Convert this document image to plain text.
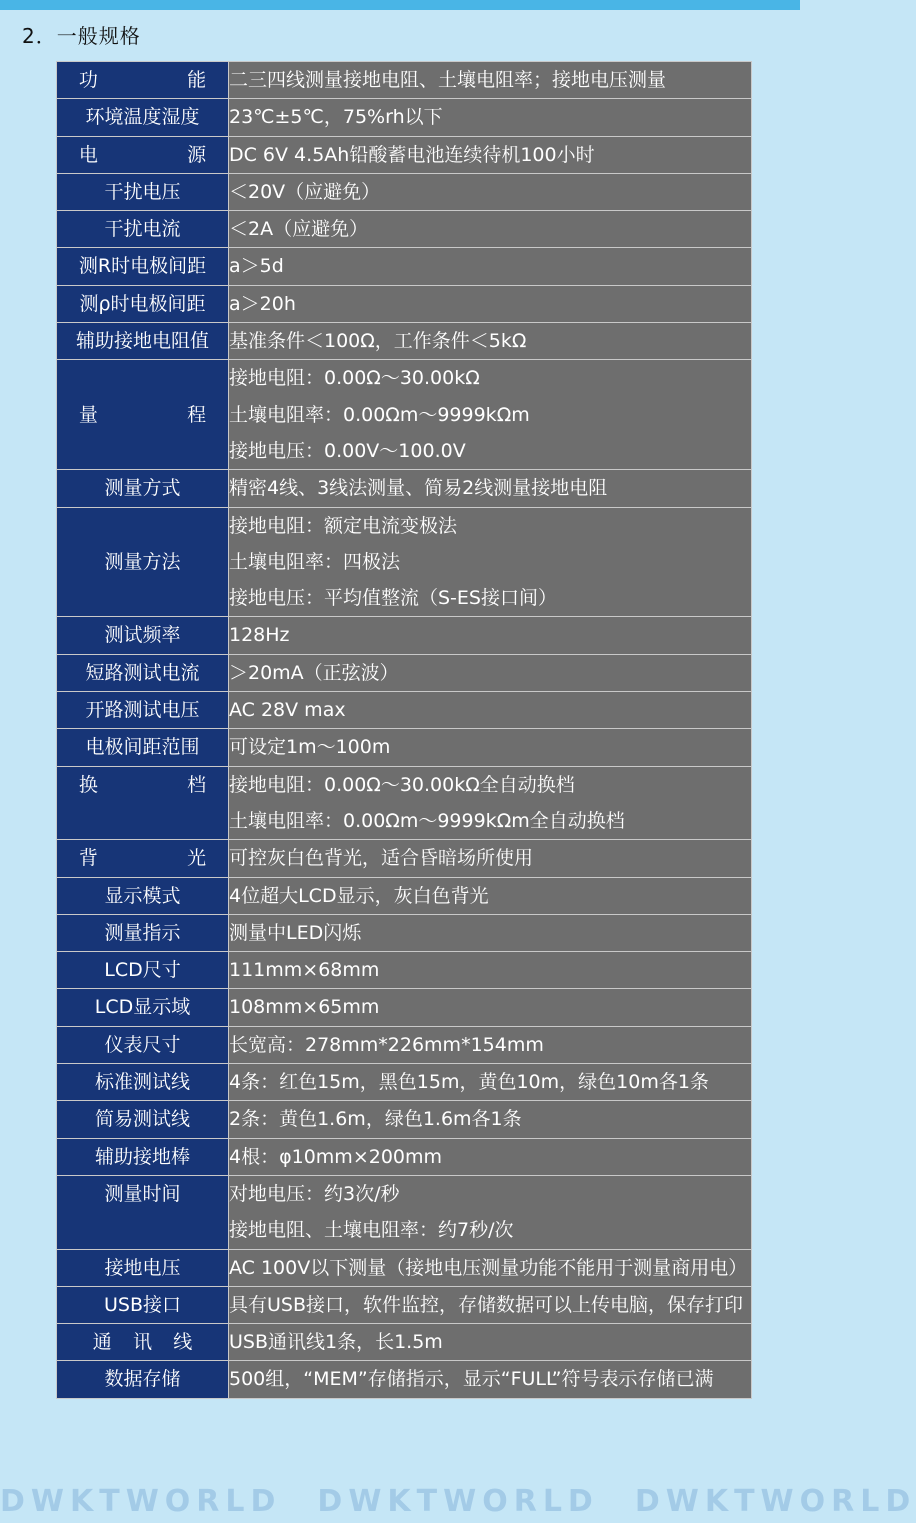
2．一般规格
功　　能	二三四线测量接地电阻、土壤电阻率；接地电压测量

环境温度湿度	23℃±5℃，75%rh以下

电　　源	DC 6V 4.5Ah铅酸蓄电池连续待机100小时

干扰电压	＜20V（应避免）

干扰电流	＜2A（应避免）

测R时电极间距	a＞5d

测ρ时电极间距	a＞20h

辅助接地电阻值	基准条件＜100Ω，工作条件＜5kΩ

量　　程	接地电阻：0.00Ω～30.00kΩ
土壤电阻率：0.00Ωm～9999kΩm
接地电压：0.00V～100.0V

测量方式	精密4线、3线法测量、简易2线测量接地电阻

测量方法	接地电阻：额定电流变极法
土壤电阻率：四极法
接地电压：平均值整流（S-ES接口间）

测试频率	128Hz

短路测试电流	＞20mA（正弦波）

开路测试电压	AC 28V max

电极间距范围	可设定1m～100m

换　　档	接地电阻：0.00Ω～30.00kΩ全自动换档
土壤电阻率：0.00Ωm～9999kΩm全自动换档

背　　光	可控灰白色背光，适合昏暗场所使用

显示模式	4位超大LCD显示，灰白色背光

测量指示	测量中LED闪烁

LCD尺寸	111mm×68mm

LCD显示域	108mm×65mm

仪表尺寸	长宽高：278mm*226mm*154mm

标准测试线	4条：红色15m，黑色15m，黄色10m，绿色10m各1条

简易测试线	2条：黄色1.6m，绿色1.6m各1条

辅助接地棒	4根：φ10mm×200mm

测量时间	对地电压：约3次/秒
接地电阻、土壤电阻率：约7秒/次

接地电压	AC 100V以下测量（接地电压测量功能不能用于测量商用电）

USB接口	具有USB接口，软件监控，存储数据可以上传电脑，保存打印

通 讯 线	USB通讯线1条，长1.5m

数据存储	500组，“MEM”存储指示，显示“FULL”符号表示存储已满
DWKTWORLD　DWKTWORLD　DWKTWORLD
